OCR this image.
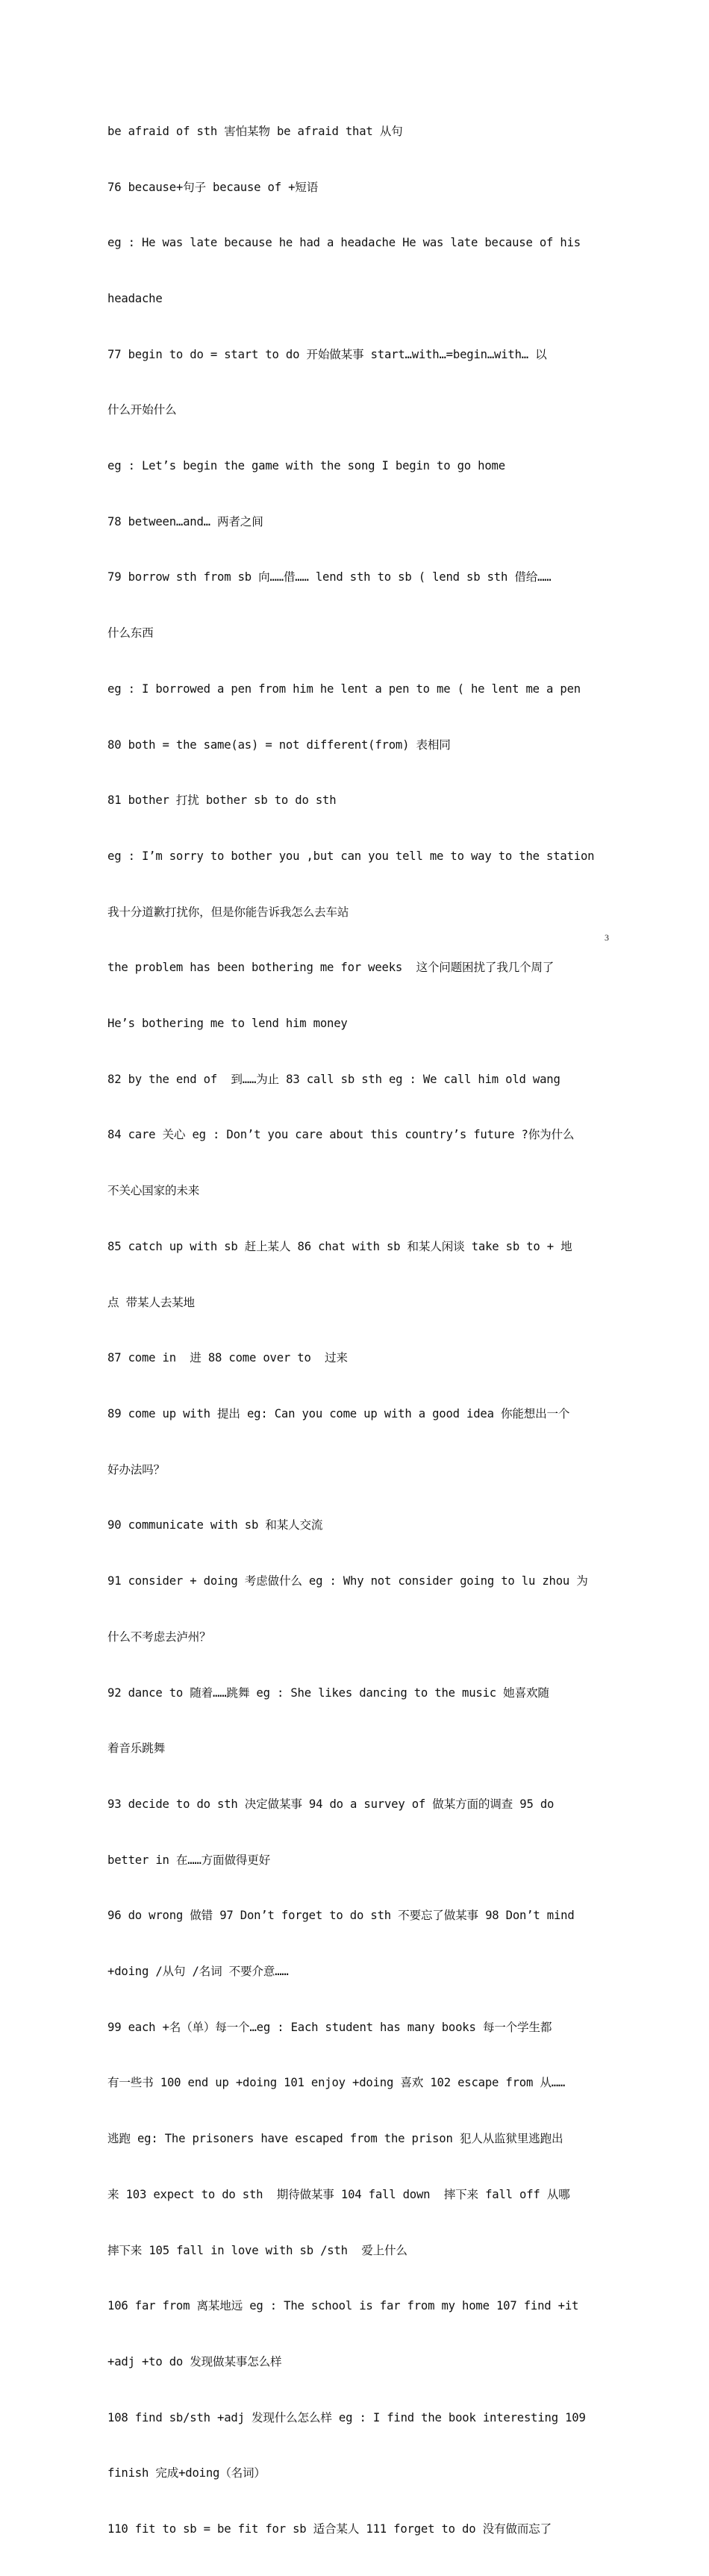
be afraid of sth 害怕某物 be afraid that 从句

76 because+句子 because of +短语

eg : He was late because he had a headache He was late because of his

headache

77 begin to do = start to do 开始做某事 start…with…=begin…with… 以

什么开始什么

eg : Let’s begin the game with the song I begin to go home

78 between…and… 两者之间

79 borrow sth from sb 向……借…… lend sth to sb ( lend sb sth 借给……

什么东西

eg : I borrowed a pen from him he lent a pen to me ( he lent me a pen

80 both = the same(as) = not different(from) 表相同

81 bother 打扰 bother sb to do sth

eg : I’m sorry to bother you ,but can you tell me to way to the station

我十分道歉打扰你，但是你能告诉我怎么去车站

the problem has been bothering me for weeks  这个问题困扰了我几个周了

He’s bothering me to lend him money

82 by the end of  到……为止 83 call sb sth eg : We call him old wang

84 care 关心 eg : Don’t you care about this country’s future ?你为什么

不关心国家的未来

85 catch up with sb 赶上某人 86 chat with sb 和某人闲谈 take sb to + 地

点 带某人去某地

87 come in  进 88 come over to  过来

89 come up with 提出 eg: Can you come up with a good idea 你能想出一个

好办法吗？

90 communicate with sb 和某人交流

91 consider + doing 考虑做什么 eg : Why not consider going to lu zhou 为

什么不考虑去泸州？

92 dance to 随着……跳舞 eg : She likes dancing to the music 她喜欢随

着音乐跳舞

93 decide to do sth 决定做某事 94 do a survey of 做某方面的调查 95 do

better in 在……方面做得更好

96 do wrong 做错 97 Don’t forget to do sth 不要忘了做某事 98 Don’t mind

+doing /从句 /名词 不要介意……

99 each +名（单）每一个…eg : Each student has many books 每一个学生都

有一些书 100 end up +doing 101 enjoy +doing 喜欢 102 escape from 从……

逃跑 eg: The prisoners have escaped from the prison 犯人从监狱里逃跑出

来 103 expect to do sth  期待做某事 104 fall down  摔下来 fall off 从哪

摔下来 105 fall in love with sb /sth  爱上什么

106 far from 离某地远 eg : The school is far from my home 107 find +it

+adj +to do 发现做某事怎么样

108 find sb/sth +adj 发现什么怎么样 eg : I find the book interesting 109

finish 完成+doing（名词）

110 fit to sb = be fit for sb 适合某人 111 forget to do 没有做而忘了

3
